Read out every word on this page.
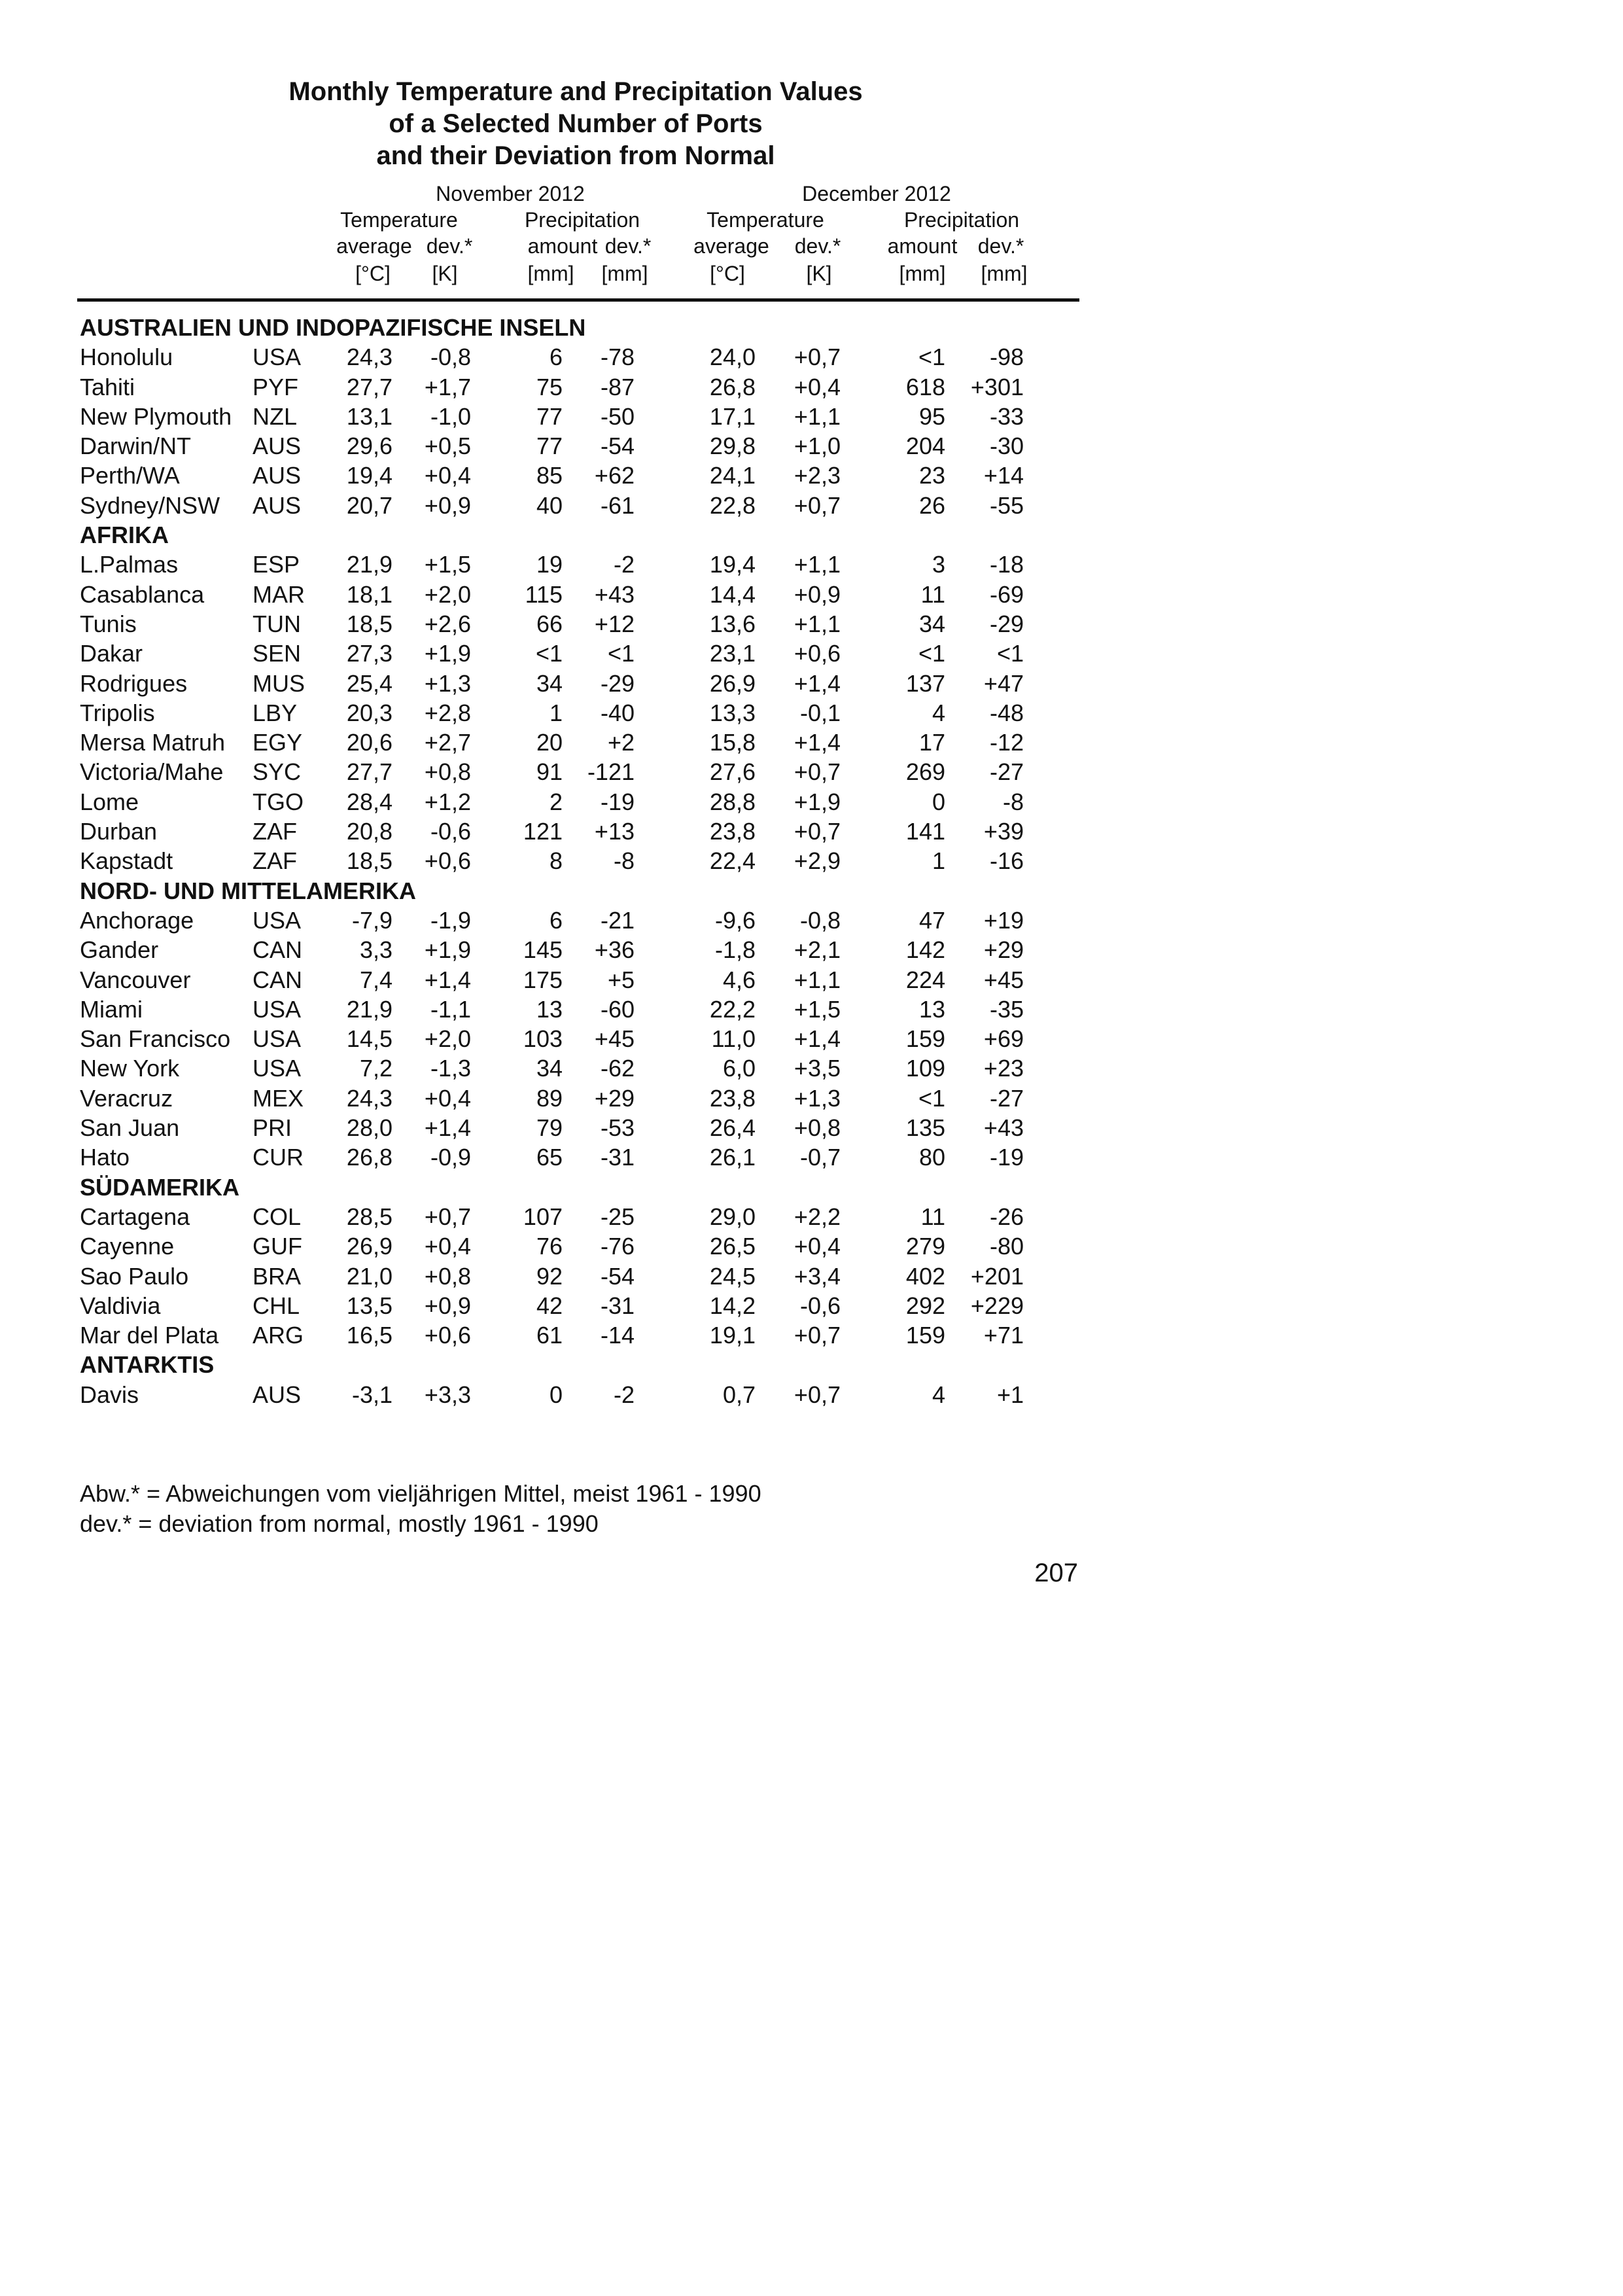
Monthly Temperature and Precipitation Values
of a Selected Number of Ports
and their Deviation from Normal
November 2012	December 2012
Temperature	Precipitation	Temperature	Precipitation
average dev.*	amount dev.*	average	dev.*	amount dev.*
[°C]	[K]	[mm] [mm]	[°C]	[K]	[mm] [mm]
AUSTRALIEN UND INDOPAZIFISCHE INSELN
Honolulu	USA	24,3	-0,8	6	-78	24,0	+0,7	<1	-98
Tahiti	PYF	27,7	+1,7	75	-87	26,8	+0,4	618	+301
New Plymouth NZL	13,1	-1,0	77	-50	17,1	+1,1	95	-33
Darwin/NT	AUS	29,6	+0,5	77	-54	29,8	+1,0	204	-30
Perth/WA	AUS	19,4	+0,4	85	+62	24,1	+2,3	23	+14
Sydney/NSW AUS	20,7	+0,9	40	-61	22,8	+0,7	26	-55
AFRIKA
L.Palmas	ESP	21,9	+1,5	19	-2	19,4	+1,1	3	-18
Casablanca MAR	18,1	+2,0	115	+43	14,4	+0,9	11	-69
Tunis	TUN	18,5	+2,6	66	+12	13,6	+1,1	34	-29
Dakar	SEN	27,3	+1,9	<1	<1	23,1	+0,6	<1	<1
Rodrigues	MUS	25,4	+1,3	34	-29	26,9	+1,4	137	+47
Tripolis	LBY	20,3	+2,8	1	-40	13,3	-0,1	4	-48
Mersa Matruh EGY	20,6	+2,7	20	+2	15,8	+1,4	17	-12
Victoria/Mahe SYC	27,7	+0,8	91	-121	27,6	+0,7	269	-27
Lome	TGO	28,4	+1,2	2	-19	28,8	+1,9	0	-8
Durban	ZAF	20,8	-0,6	121	+13	23,8	+0,7	141	+39
Kapstadt	ZAF	18,5	+0,6	8	-8	22,4	+2,9	1	-16
NORD- UND MITTELAMERIKA
Anchorage USA	-7,9	-1,9	6	-21	-9,6	-0,8	47	+19
Gander	CAN	3,3	+1,9	145	+36	-1,8	+2,1	142	+29
Vancouver	CAN	7,4	+1,4	175	+5	4,6	+1,1	224	+45
Miami	USA	21,9	-1,1	13	-60	22,2	+1,5	13	-35
San Francisco USA	14,5	+2,0	103	+45	11,0	+1,4	159	+69
New York	USA	7,2	-1,3	34	-62	6,0	+3,5	109	+23
Veracruz	MEX	24,3	+0,4	89	+29	23,8	+1,3	<1	-27
San Juan	PRI	28,0	+1,4	79	-53	26,4	+0,8	135	+43
Hato	CUR	26,8	-0,9	65	-31	26,1	-0,7	80	-19
SÜDAMERIKA
Cartagena	COL	28,5	+0,7	107	-25	29,0	+2,2	11	-26
Cayenne	GUF	26,9	+0,4	76	-76	26,5	+0,4	279	-80
Sao Paulo	BRA	21,0	+0,8	92	-54	24,5	+3,4	402	+201
Valdivia	CHL	13,5	+0,9	42	-31	14,2	-0,6	292	+229
Mar del Plata ARG	16,5	+0,6	61	-14	19,1	+0,7	159	+71
ANTARKTIS
Davis	AUS	-3,1	+3,3	0	-2	0,7	+0,7	4	+1
Abw.* = Abweichungen vom vieljährigen Mittel, meist 1961 - 1990
dev.* = deviation from normal, mostly 1961 - 1990
207
